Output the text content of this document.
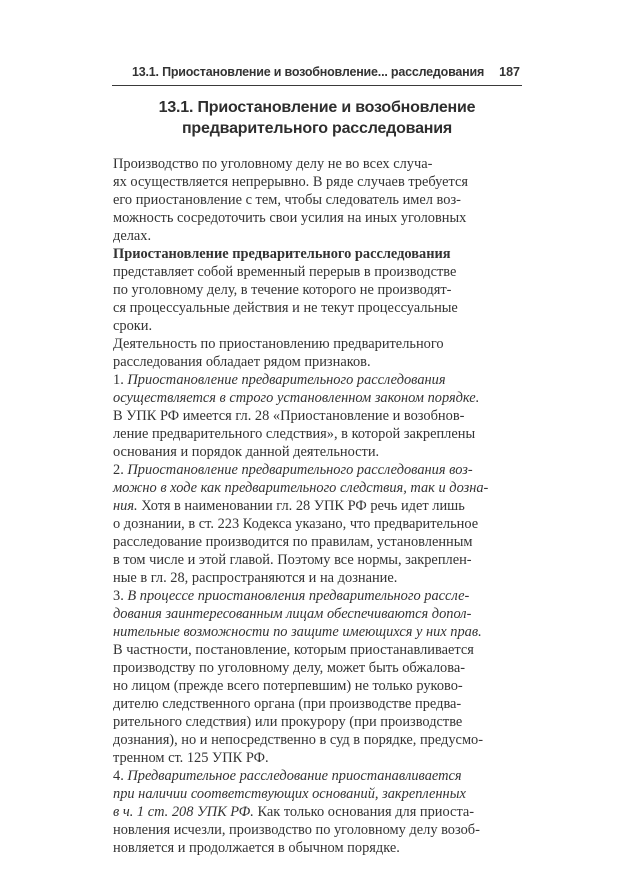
13.1. Приостановление и возобновление... расследования 187
13.1. Приостановление и возобновление
предварительного расследования

Производство по уголовному делу не во всех случа-
ях осуществляется непрерывно. В ряде случаев требуется
его приостановление с тем, чтобы следователь имел воз-
можность сосредоточить свои усилия на иных уголовных
делах.

Приостановление предварительного расследования
представляет собой временный перерыв в производстве
по уголовному делу, в течение которого не производят-
ся процессуальные действия и не текут процессуальные
сроки.

Деятельность по приостановлению предварительного
расследования обладает рядом признаков.

1. Приостановление предварительного расследования
осуществляется в строго установленном законом порядке.
В УПК РФ имеется гл. 28 «Приостановление и возобнов-
ление предварительного следствия», в которой закреплены
основания и порядок данной деятельности.

2. Приостановление предварительного расследования воз-
можно в ходе как предварительного следствия, так и дозна-
ния. Хотя в наименовании гл. 28 УПК РФ речь идет лишь
о дознании, в ст. 223 Кодекса указано, что предварительное
расследование производится по правилам, установленным
в том числе и этой главой. Поэтому все нормы, закреплен-
ные в гл. 28, распространяются и на дознание.

3. В процессе приостановления предварительного рассле-
дования заинтересованным лицам обеспечиваются допол-
нительные возможности по защите имеющихся у них прав.
В частности, постановление, которым приостанавливается
производству по уголовному делу, может быть обжалова-
но лицом (прежде всего потерпевшим) не только руково-
дителю следственного органа (при производстве предва-
рительного следствия) или прокурору (при производстве
дознания), но и непосредственно в суд в порядке, предусмо-
тренном ст. 125 УПК РФ.

4. Предварительное расследование приостанавливается
при наличии соответствующих оснований, закрепленных
в ч. 1 ст. 208 УПК РФ. Как только основания для приоста-
новления исчезли, производство по уголовному делу возоб-
новляется и продолжается в обычном порядке.
